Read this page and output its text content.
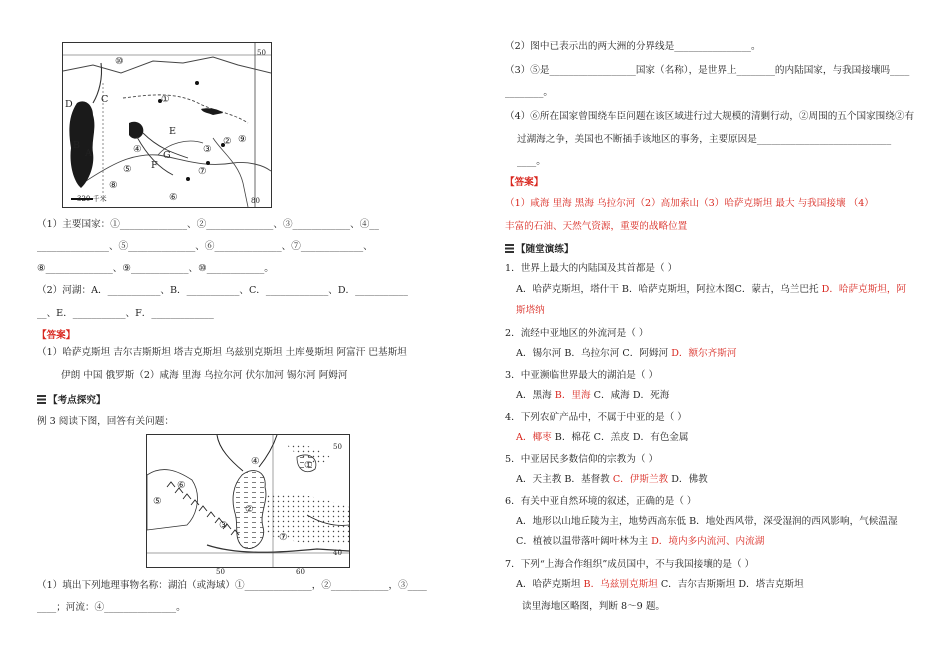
⑩
①
D	C
A
B
E
④
⑤ F
G
③
②
⑦
⑧
⑥
⑨
50
80
320 千米
（1）主要国家：①______________、②______________、③____________、④__
_______________、⑤______________、⑥______________、⑦_____________、
⑧______________、⑨____________、⑩____________。
（2）河湖：A．___________、B．___________、C．_____________、D．___________
__、E．___________、F．_____________
【答案】
（1）哈萨克斯坦 吉尔吉斯斯坦 塔吉克斯坦 乌兹别克斯坦 土库曼斯坦 阿富汗 巴基斯坦
伊朗 中国 俄罗斯（2）咸海 里海 乌拉尔河 伏尔加河 锡尔河 阿姆河
【考点探究】
例 3 阅读下图，回答有关问题：
⑥
⑤
②
④	①
③
⑦
50
40
50	60
（1）填出下列地理事物名称：湖泊（或海域）①______________，②____________，③____
____；河流：④_______________。
（2）图中已表示出的两大洲的分界线是________________。
（3）⑤是__________________国家（名称），是世界上________的内陆国家，与我国接壤吗____
________。
（4）⑥所在国家曾围绕车臣问题在该区域进行过大规模的清剿行动，②周围的五个国家围绕②有
过湖海之争，美国也不断插手该地区的事务，主要原因是____________________________
____。
【答案】
（1）咸海 里海 黑海 乌拉尔河（2）高加索山（3）哈萨克斯坦 最大 与我国接壤 （4）
丰富的石油、天然气资源，重要的战略位置
【随堂演练】
1．世界上最大的内陆国及其首都是（ ）
A．哈萨克斯坦，塔什干 B．哈萨克斯坦，阿拉木图C．蒙古，乌兰巴托 D．哈萨克斯坦，阿
斯塔纳
2．流经中亚地区的外流河是（ ）
A．锡尔河 B．乌拉尔河 C．阿姆河 D．额尔齐斯河
3．中亚濒临世界最大的湖泊是（ ）
A．黑海 B．里海 C．咸海 D．死海
4．下列农矿产品中，不属于中亚的是（ ）
A．椰枣 B．棉花 C．羔皮 D．有色金属
5．中亚居民多数信仰的宗教为（ ）
A．天主教 B．基督教 C．伊斯兰教 D．佛教
6．有关中亚自然环境的叙述，正确的是（ ）
A．地形以山地丘陵为主，地势西高东低 B．地处西风带，深受湿润的西风影响，气候温湿
C．植被以温带落叶阔叶林为主 D．境内多内流河、内流湖
7．下列“上海合作组织”成员国中，不与我国接壤的是（ ）
A．哈萨克斯坦 B．乌兹别克斯坦 C．吉尔吉斯斯坦 D．塔吉克斯坦
读里海地区略图，判断 8～9 题。
